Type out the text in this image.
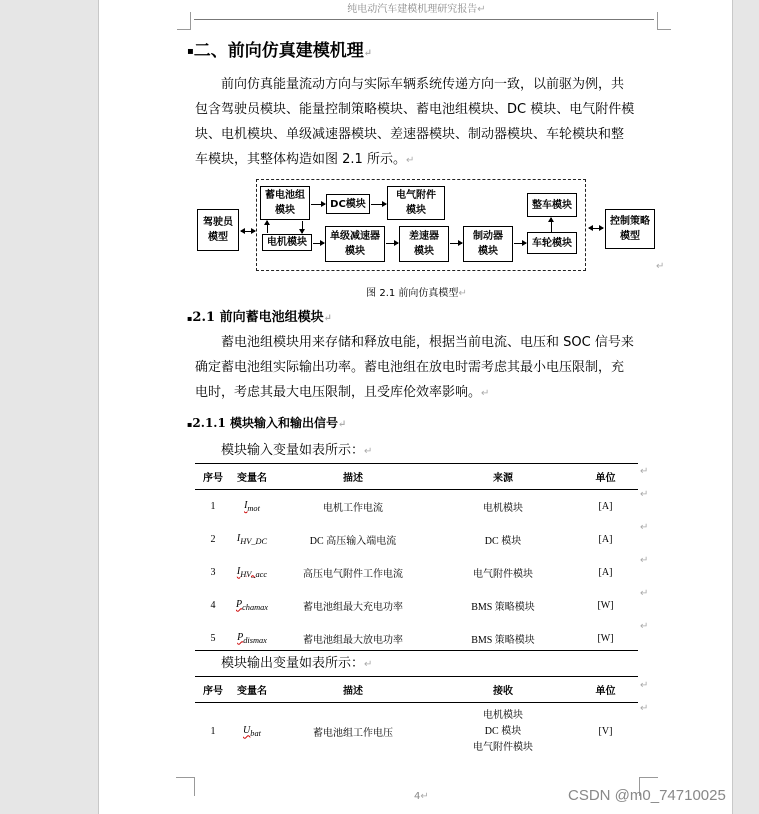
纯电动汽车建模机理研究报告↵
▪二、前向仿真建模机理↵
前向仿真能量流动方向与实际车辆系统传递方向一致，以前驱为例，共包含驾驶员模块、能量控制策略模块、蓄电池组模块、DC 模块、电气附件模块、电机模块、单级减速器模块、差速器模块、制动器模块、车轮模块和整车模块，其整体构造如图 2.1 所示。↵
驾驶员模型
蓄电池组模块
DC模块
电气附件模块
电机模块
单级减速器模块
差速器模块
制动器模块
车轮模块
整车模块
控制策略模型
↵
图 2.1 前向仿真模型↵
▪2.1 前向蓄电池组模块↵
蓄电池组模块用来存储和释放电能，根据当前电流、电压和 SOC 信号来确定蓄电池组实际输出功率。蓄电池组在放电时需考虑其最小电压限制，充电时，考虑其最大电压限制，且受库伦效率影响。↵
▪2.1.1 模块输入和输出信号↵
模块输入变量如表所示：↵
序号	变量名	描述	来源	单位
1	$I_{mot}$	电机工作电流	电机模块	[A]
2	$I_{HV\_DC}$	DC 高压输入端电流	DC 模块	[A]
3	$I_{HV\_acc}$	高压电气附件工作电流	电气附件模块	[A]
4	$P_{chamax}$	蓄电池组最大充电功率	BMS 策略模块	[W]
5	$P_{dismax}$	蓄电池组最大放电功率	BMS 策略模块	[W]
模块输出变量如表所示：↵
序号	变量名	描述	接收	单位
1	$U_{bat}$	蓄电池组工作电压	电机模块
DC 模块
电气附件模块	[V]
↵
↵
↵
↵
↵
↵
↵
↵
4↵	CSDN @m0_74710025
